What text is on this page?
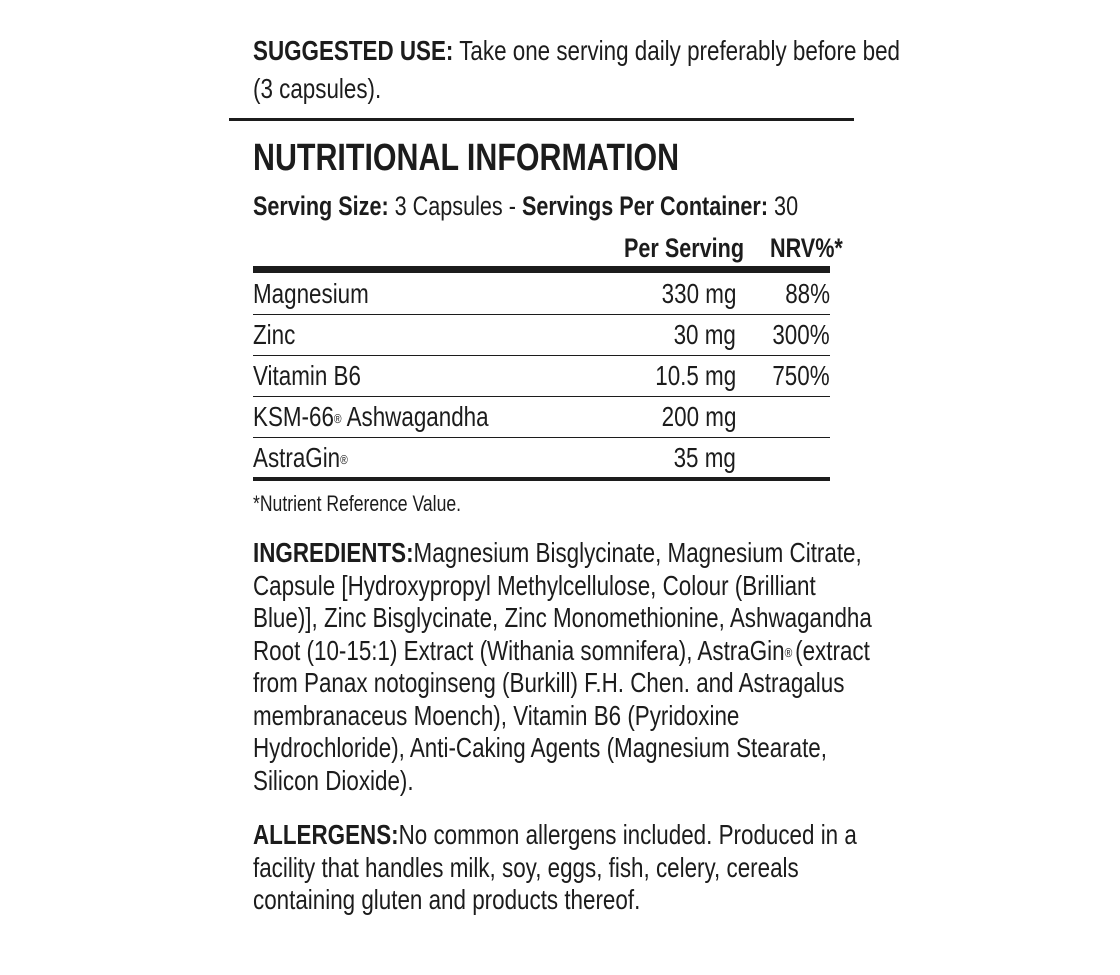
SUGGESTED USE: Take one serving daily preferably before bed
(3 capsules).
NUTRITIONAL INFORMATION
Serving Size: 3 Capsules - Servings Per Container: 30
Per Serving NRV%*
Magnesium	330 mg	88%
Zinc	30 mg	300%
Vitamin B6	10.5 mg	750%
KSM-66® Ashwagandha	200 mg
AstraGin®	35 mg
*Nutrient Reference Value.
INGREDIENTS:Magnesium Bisglycinate, Magnesium Citrate,
Capsule [Hydroxypropyl Methylcellulose, Colour (Brilliant
Blue)], Zinc Bisglycinate, Zinc Monomethionine, Ashwagandha
Root (10-15:1) Extract (Withania somnifera), AstraGin® (extract
from Panax notoginseng (Burkill) F.H. Chen. and Astragalus
membranaceus Moench), Vitamin B6 (Pyridoxine
Hydrochloride), Anti-Caking Agents (Magnesium Stearate,
Silicon Dioxide).
ALLERGENS:No common allergens included. Produced in a
facility that handles milk, soy, eggs, fish, celery, cereals
containing gluten and products thereof.
